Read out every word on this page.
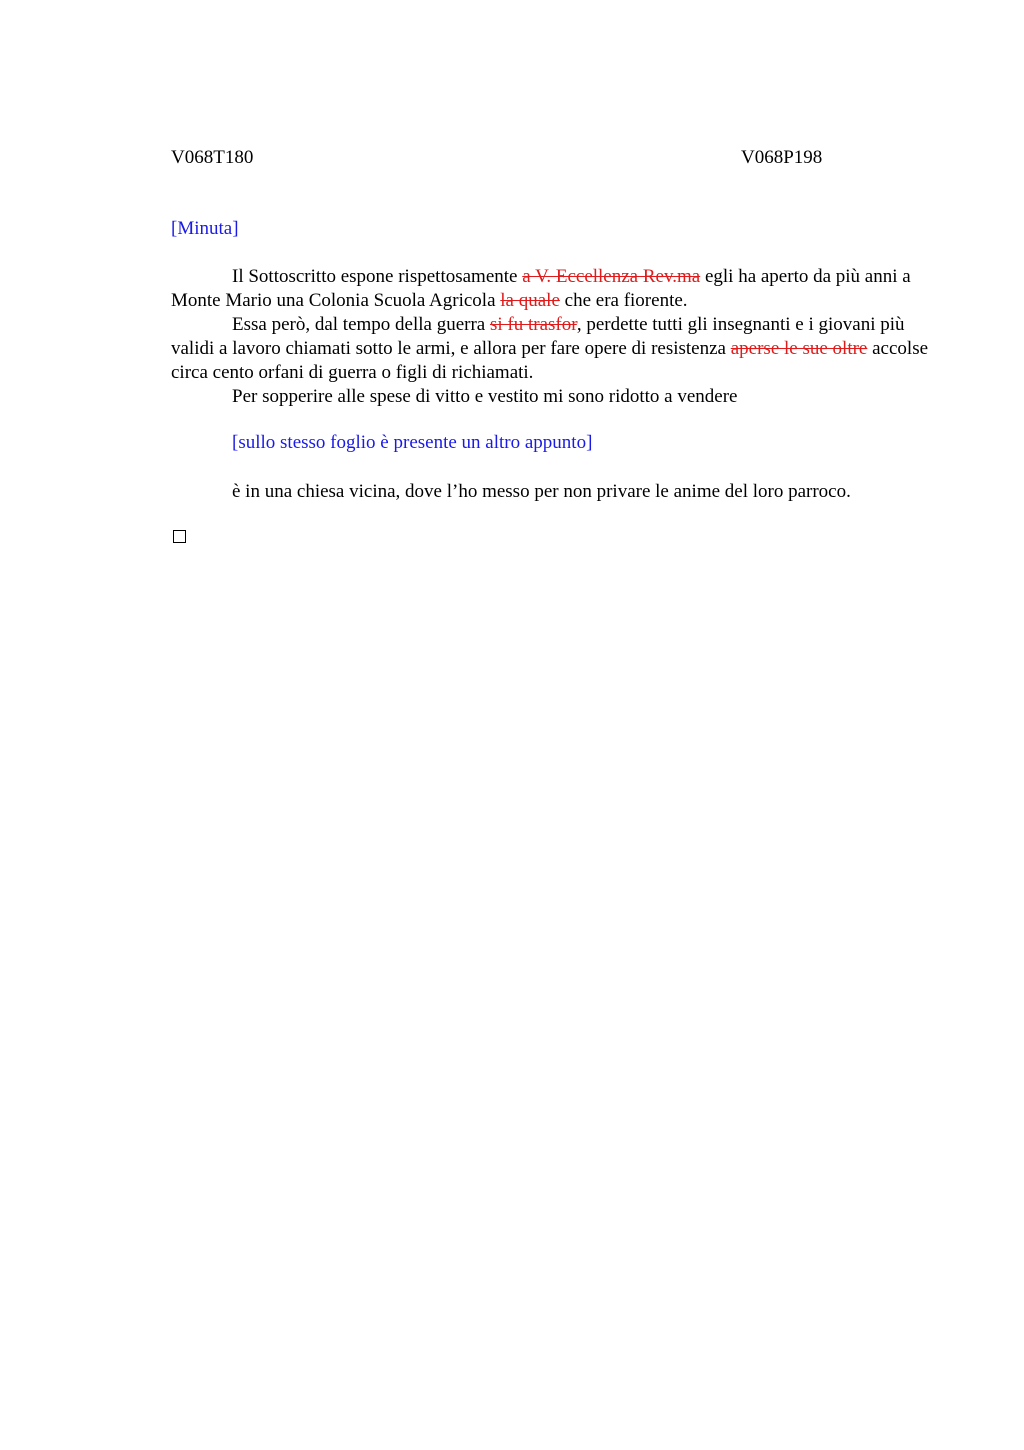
V068T180	V068P198
[Minuta]

Il Sottoscritto espone rispettosamente a V. Eccellenza Rev.ma egli ha aperto da più anni a Monte Mario una Colonia Scuola Agricola la quale che era fiorente.

Essa però, dal tempo della guerra si fu trasfor, perdette tutti gli insegnanti e i giovani più validi a lavoro chiamati sotto le armi, e allora per fare opere di resistenza aperse le sue oltre accolse circa cento orfani di guerra o figli di richiamati.

Per sopperire alle spese di vitto e vestito mi sono ridotto a vendere

[sullo stesso foglio è presente un altro appunto]
è in una chiesa vicina, dove l’ho messo per non privare le anime del loro parroco.
